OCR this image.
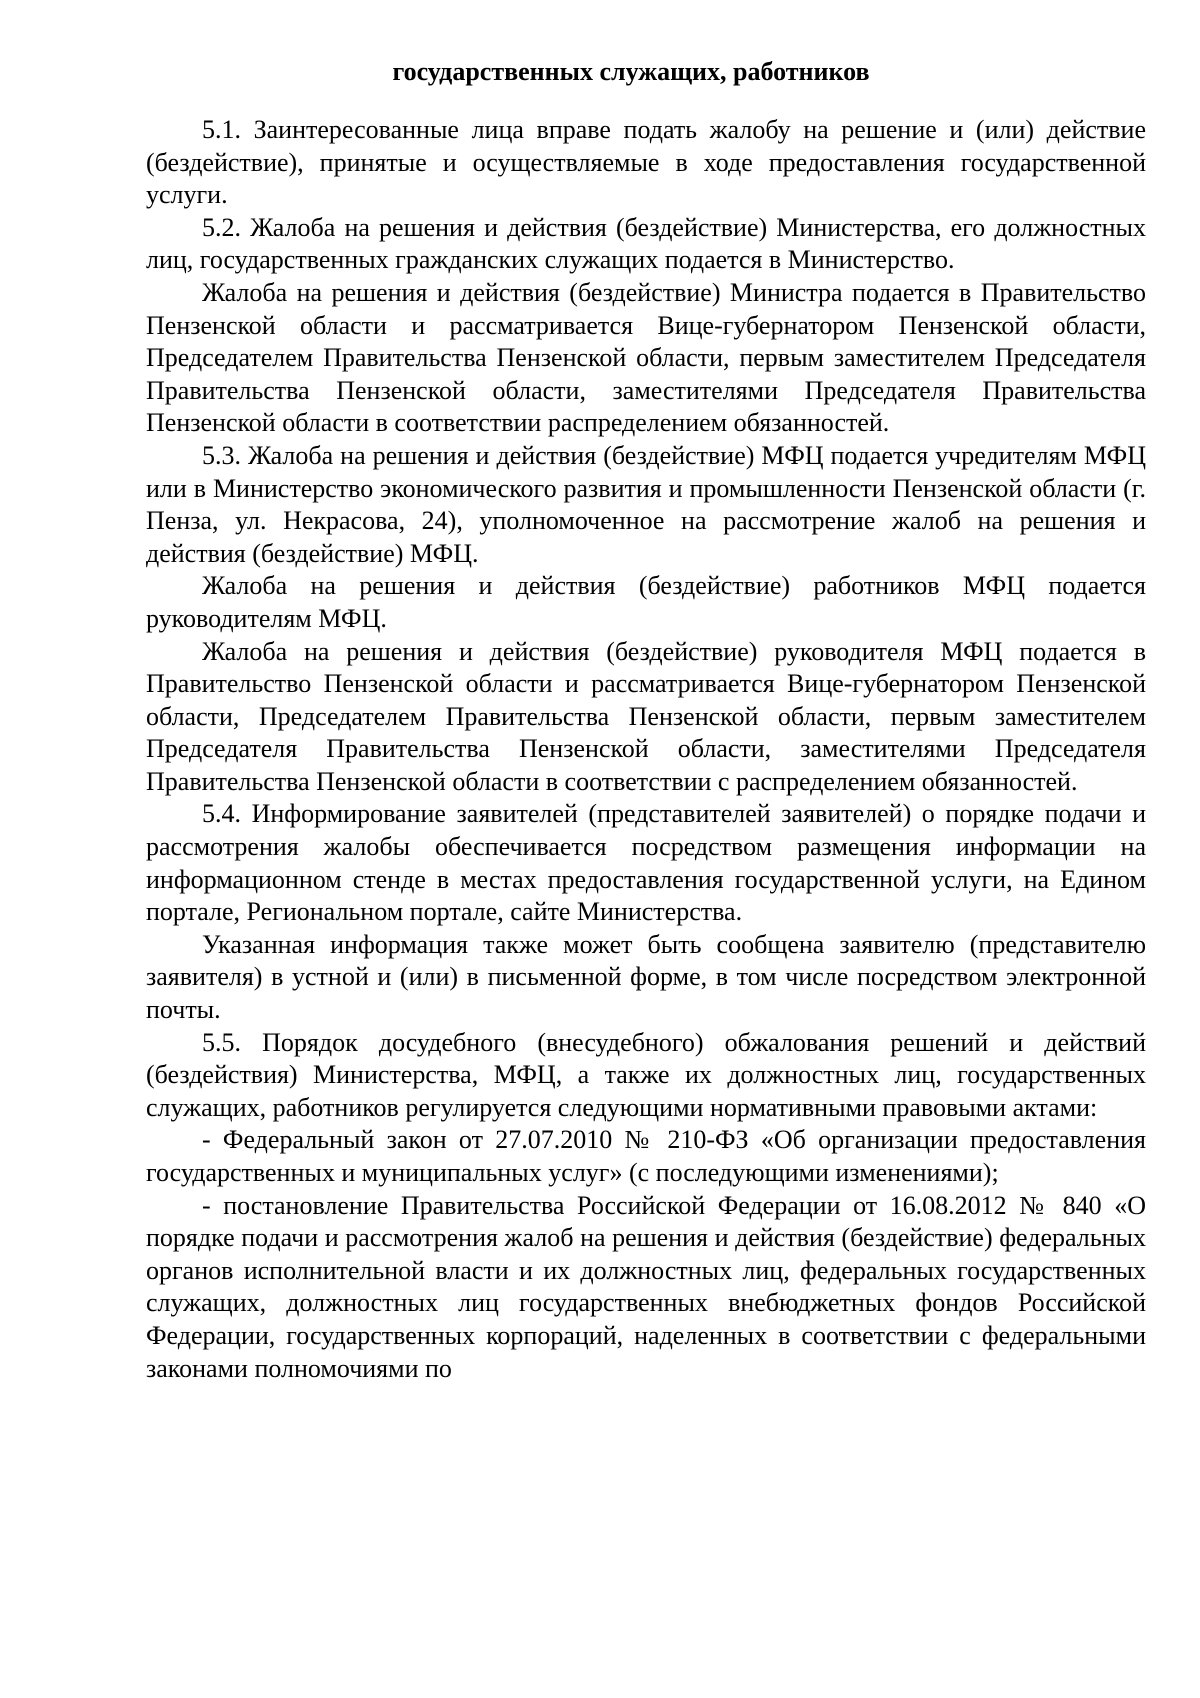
государственных служащих, работников

5.1. Заинтересованные лица вправе подать жалобу на решение и (или) действие (бездействие), принятые и осуществляемые в ходе предоставления государственной услуги.

5.2. Жалоба на решения и действия (бездействие) Министерства, его должностных лиц, государственных гражданских служащих подается в Министерство.

Жалоба на решения и действия (бездействие) Министра подается в Правительство Пензенской области и рассматривается Вице-губернатором Пензенской области, Председателем Правительства Пензенской области, первым заместителем Председателя Правительства Пензенской области, заместителями Председателя Правительства Пензенской области в соответствии распределением обязанностей.

5.3. Жалоба на решения и действия (бездействие) МФЦ подается учредителям МФЦ или в Министерство экономического развития и промышленности Пензенской области (г. Пенза, ул. Некрасова, 24), уполномоченное на рассмотрение жалоб на решения и действия (бездействие) МФЦ.

Жалоба на решения и действия (бездействие) работников МФЦ подается руководителям МФЦ.

Жалоба на решения и действия (бездействие) руководителя МФЦ подается в Правительство Пензенской области и рассматривается Вице-губернатором Пензенской области, Председателем Правительства Пензенской области, первым заместителем Председателя Правительства Пензенской области, заместителями Председателя Правительства Пензенской области в соответствии с распределением обязанностей.

5.4. Информирование заявителей (представителей заявителей) о порядке подачи и рассмотрения жалобы обеспечивается посредством размещения информации на информационном стенде в местах предоставления государственной услуги, на Едином портале, Региональном портале, сайте Министерства.

Указанная информация также может быть сообщена заявителю (представителю заявителя) в устной и (или) в письменной форме, в том числе посредством электронной почты.

5.5. Порядок досудебного (внесудебного) обжалования решений и действий (бездействия) Министерства, МФЦ, а также их должностных лиц, государственных служащих, работников регулируется следующими нормативными правовыми актами:

- Федеральный закон от 27.07.2010 № 210-ФЗ «Об организации предоставления государственных и муниципальных услуг» (с последующими изменениями);

- постановление Правительства Российской Федерации от 16.08.2012 № 840 «О порядке подачи и рассмотрения жалоб на решения и действия (бездействие) федеральных органов исполнительной власти и их должностных лиц, федеральных государственных служащих, должностных лиц государственных внебюджетных фондов Российской Федерации, государственных корпораций, наделенных в соответствии с федеральными законами полномочиями по
